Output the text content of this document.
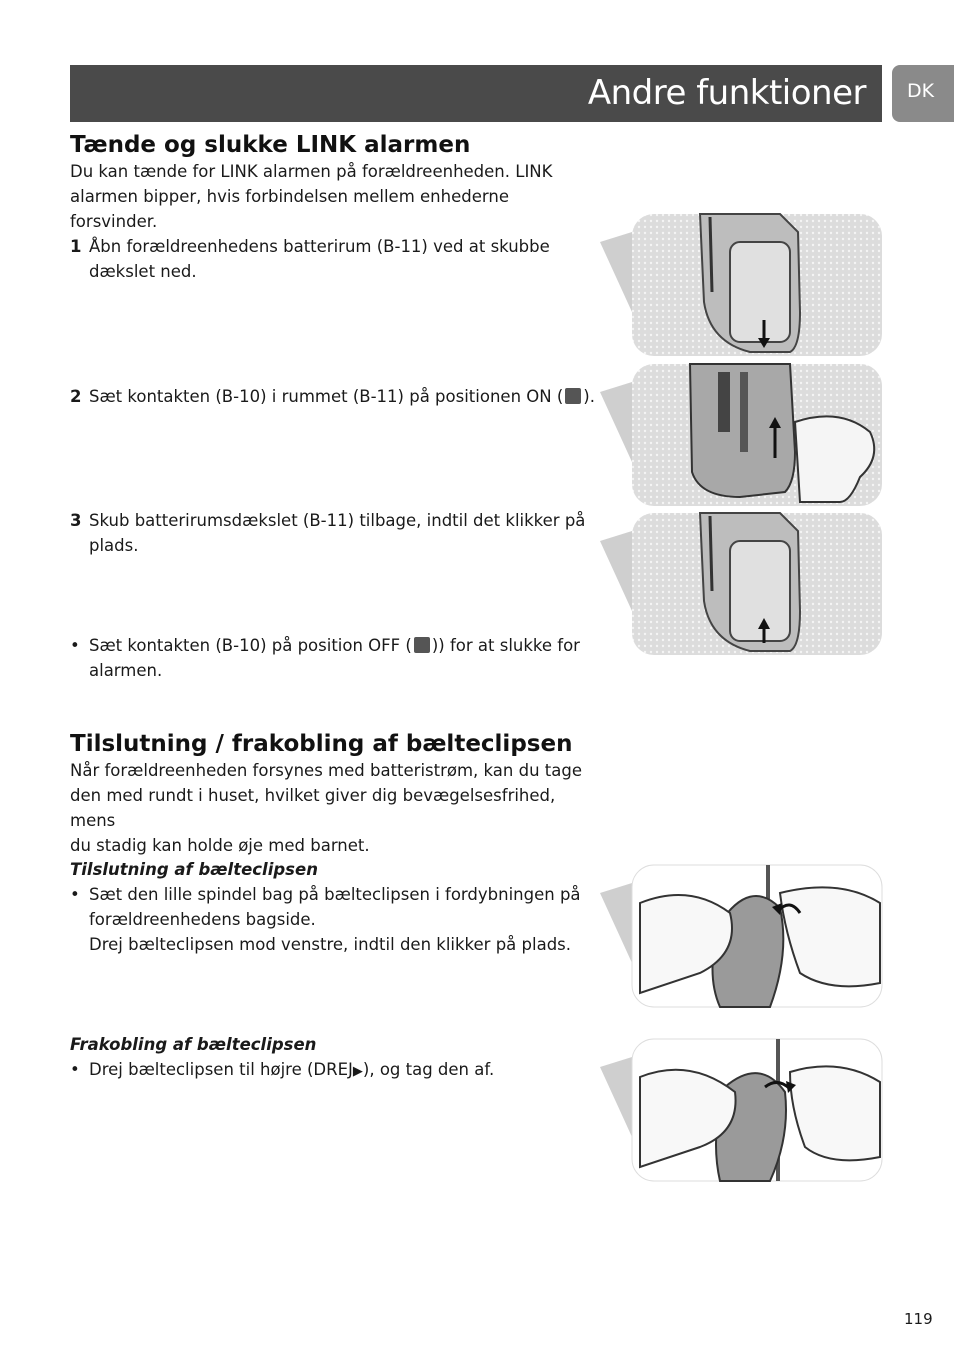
Andre funktioner DK
Tænde og slukke LINK alarmen
Du kan tænde for LINK alarmen på forældreenheden. LINK
alarmen bipper, hvis forbindelsen mellem enhederne forsvinder.
1 Åbn forældreenhedens batterirum (B-11) ved at skubbe
dækslet ned.
2 Sæt kontakten (B-10) i rummet (B-11) på positionen ON ( ).
3 Skub batterirumsdækslet (B-11) tilbage, indtil det klikker på
plads.
• Sæt kontakten (B-10) på position OFF ( )) for at slukke for
alarmen.
Tilslutning / frakobling af bælteclipsen
Når forældreenheden forsynes med batteristrøm, kan du tage
den med rundt i huset, hvilket giver dig bevægelsesfrihed, mens
du stadig kan holde øje med barnet.
Tilslutning af bælteclipsen
• Sæt den lille spindel bag på bælteclipsen i fordybningen på
forældreenhedens bagside.
Drej bælteclipsen mod venstre, indtil den klikker på plads.
Frakobling af bælteclipsen
• Drej bælteclipsen til højre (DREJ▶), og tag den af.
119
